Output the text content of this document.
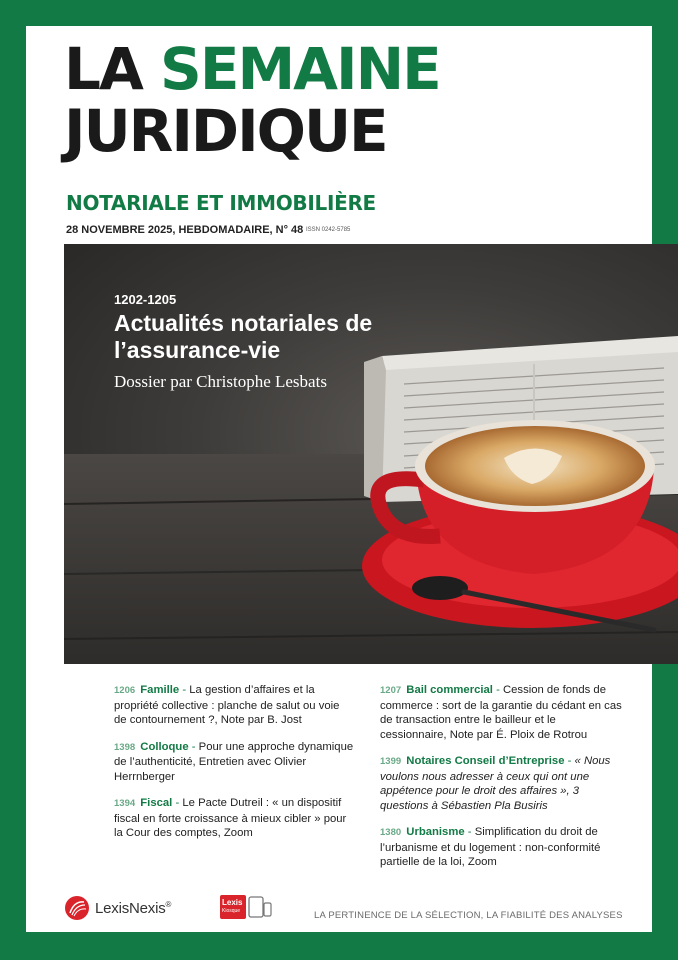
LA SEMAINE
JURIDIQUE
NOTARIALE ET IMMOBILIÈRE
28 NOVEMBRE 2025, HEBDOMADAIRE, N° 48 ISSN 0242-5785
1202-1205
Actualités notariales de l’assurance-vie
Dossier par Christophe Lesbats
1206 Famille - La gestion d’affaires et la propriété collective : planche de salut ou voie de contournement ?, Note par B. Jost
1398 Colloque - Pour une approche dynamique de l’authenticité, Entretien avec Olivier Herrnberger
1394 Fiscal - Le Pacte Dutreil : « un dispositif fiscal en forte croissance à mieux cibler » pour la Cour des comptes, Zoom
1207 Bail commercial - Cession de fonds de commerce : sort de la garantie du cédant en cas de transaction entre le bailleur et le cessionnaire, Note par É. Ploix de Rotrou
1399 Notaires Conseil d’Entreprise - « Nous voulons nous adresser à ceux qui ont une appétence pour le droit des affaires », 3 questions à Sébastien Pla Busiris
1380 Urbanisme - Simplification du droit de l’urbanisme et du logement : non-conformité partielle de la loi, Zoom
LexisNexis®	Lexis
Kiosque	LA PERTINENCE DE LA SÉLECTION, LA FIABILITÉ DES ANALYSES
